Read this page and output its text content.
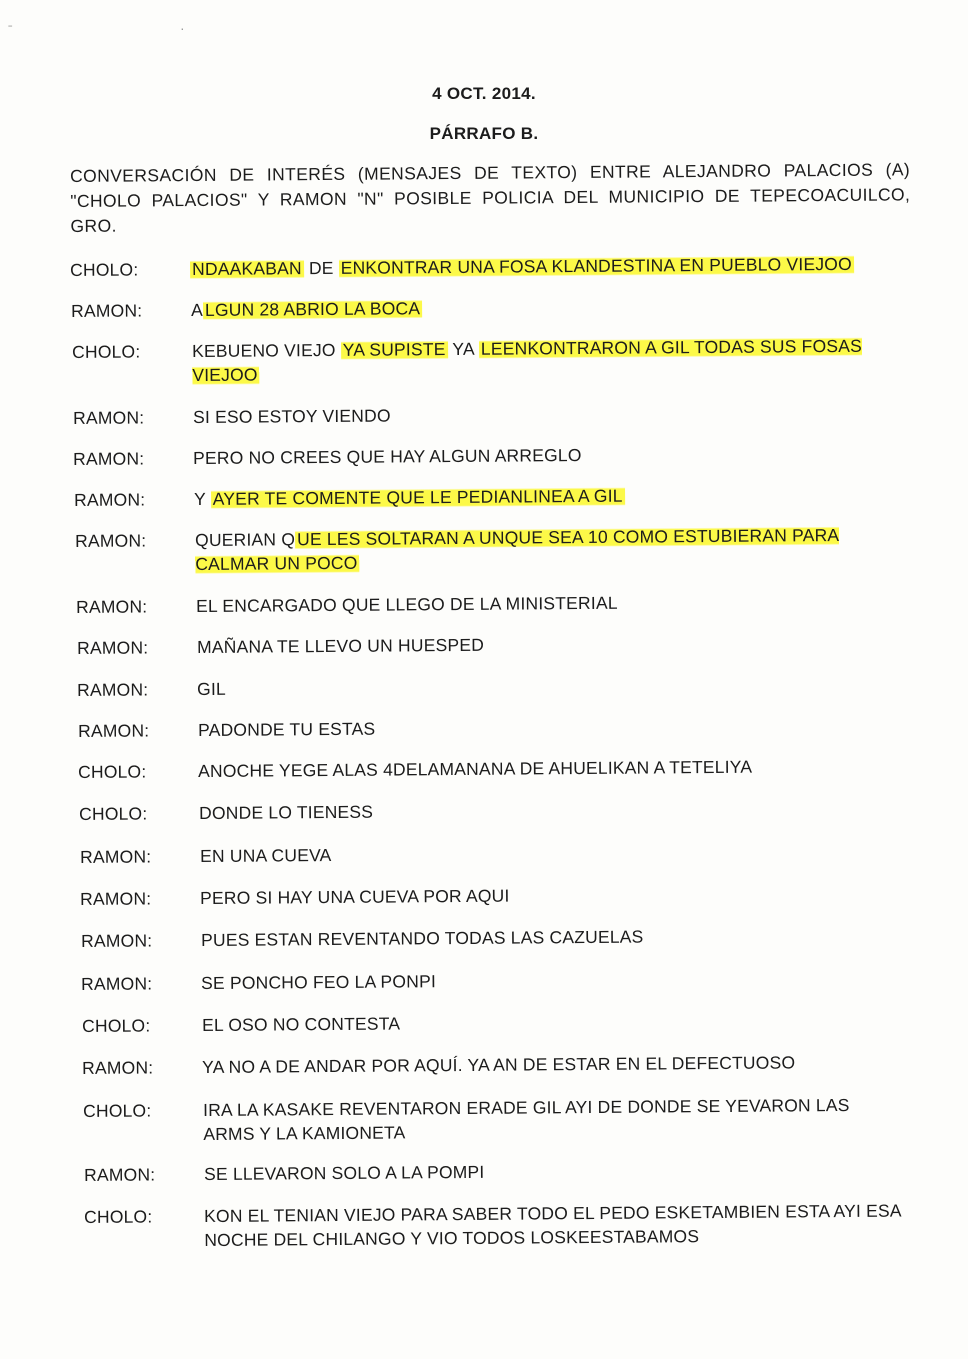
ˉ	·
4 OCT. 2014.
PÁRRAFO B.
CONVERSACIÓN DE INTERÉS (MENSAJES DE TEXTO) ENTRE ALEJANDRO PALACIOS (A) "CHOLO PALACIOS" Y RAMON "N" POSIBLE POLICIA DEL MUNICIPIO DE TEPECOACUILCO, GRO.
CHOLO:	NDAAKABAN DE ENKONTRAR UNA FOSA KLANDESTINA EN PUEBLO VIEJOO
RAMON:	A LGUN 28 ABRIO LA BOCA
CHOLO:	KEBUENO VIEJO YA SUPISTE YA LEENKONTRARON A GIL TODAS SUS FOSAS VIEJOO
RAMON:	SI ESO ESTOY VIENDO
RAMON:	PERO NO CREES QUE HAY ALGUN ARREGLO
RAMON:	Y AYER TE COMENTE QUE LE PEDIANLINEA A GIL
RAMON:	QUERIAN Q UE LES SOLTARAN A UNQUE SEA 10 COMO ESTUBIERAN PARA CALMAR UN POCO
RAMON:	EL ENCARGADO QUE LLEGO DE LA MINISTERIAL
RAMON:	MAÑANA TE LLEVO UN HUESPED
RAMON:	GIL
RAMON:	PADONDE TU ESTAS
CHOLO:	ANOCHE YEGE ALAS 4DELAMANANA DE AHUELIKAN A TETELIYA
CHOLO:	DONDE LO TIENESS
RAMON:	EN UNA CUEVA
RAMON:	PERO SI HAY UNA CUEVA POR AQUI
RAMON:	PUES ESTAN REVENTANDO TODAS LAS CAZUELAS
RAMON:	SE PONCHO FEO LA PONPI
CHOLO:	EL OSO NO CONTESTA
RAMON:	YA NO A DE ANDAR POR AQUÍ. YA AN DE ESTAR EN EL DEFECTUOSO
CHOLO:	IRA LA KASAKE REVENTARON ERADE GIL AYI DE DONDE SE YEVARON LAS ARMS Y LA KAMIONETA
RAMON:	SE LLEVARON SOLO A LA POMPI
CHOLO:	KON EL TENIAN VIEJO PARA SABER TODO EL PEDO ESKETAMBIEN ESTA AYI ESA NOCHE DEL CHILANGO Y VIO TODOS LOSKEESTABAMOS
